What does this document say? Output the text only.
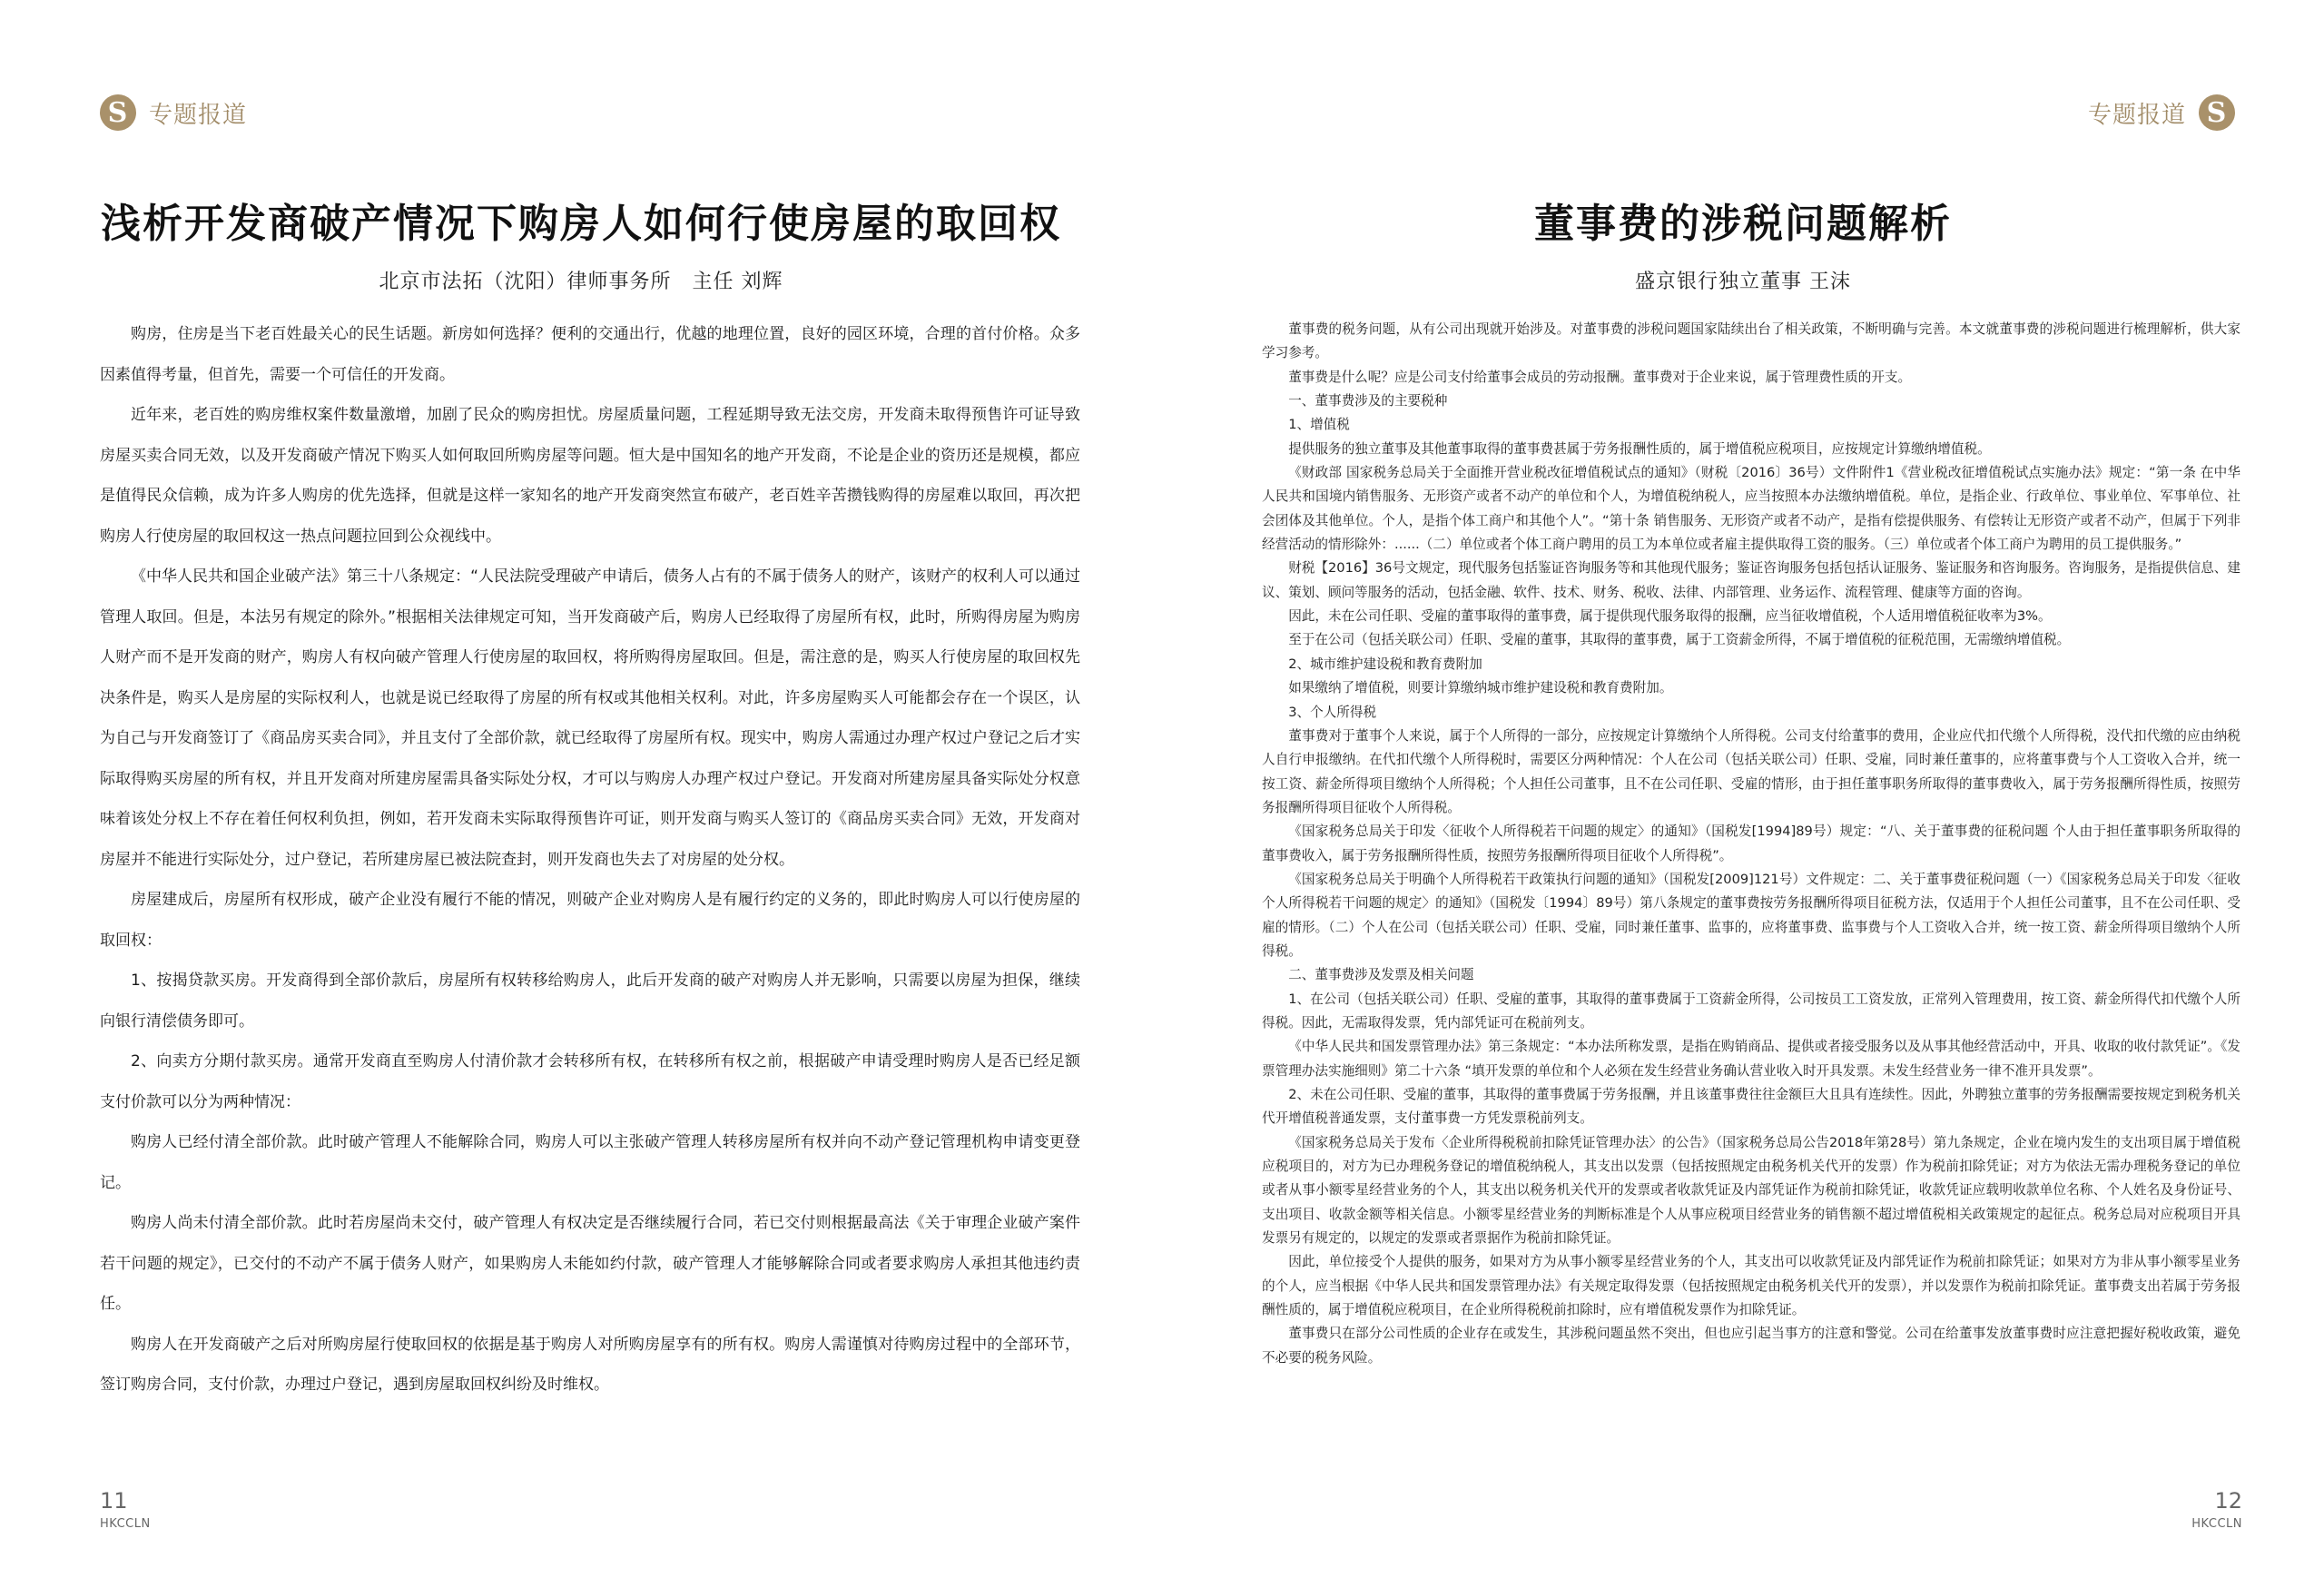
S 专题报道
浅析开发商破产情况下购房人如何行使房屋的取回权
北京市法拓（沈阳）律师事务所　主任 刘辉

购房，住房是当下老百姓最关心的民生话题。新房如何选择？便利的交通出行，优越的地理位置，良好的园区环境，合理的首付价格。众多因素值得考量，但首先，需要一个可信任的开发商。

近年来，老百姓的购房维权案件数量激增，加剧了民众的购房担忧。房屋质量问题，工程延期导致无法交房，开发商未取得预售许可证导致房屋买卖合同无效，以及开发商破产情况下购买人如何取回所购房屋等问题。恒大是中国知名的地产开发商，不论是企业的资历还是规模，都应是值得民众信赖，成为许多人购房的优先选择，但就是这样一家知名的地产开发商突然宣布破产，老百姓辛苦攒钱购得的房屋难以取回，再次把购房人行使房屋的取回权这一热点问题拉回到公众视线中。

《中华人民共和国企业破产法》第三十八条规定：“人民法院受理破产申请后，债务人占有的不属于债务人的财产，该财产的权利人可以通过管理人取回。但是，本法另有规定的除外。”根据相关法律规定可知，当开发商破产后，购房人已经取得了房屋所有权，此时，所购得房屋为购房人财产而不是开发商的财产，购房人有权向破产管理人行使房屋的取回权，将所购得房屋取回。但是，需注意的是，购买人行使房屋的取回权先决条件是，购买人是房屋的实际权利人，也就是说已经取得了房屋的所有权或其他相关权利。对此，许多房屋购买人可能都会存在一个误区，认为自己与开发商签订了《商品房买卖合同》，并且支付了全部价款，就已经取得了房屋所有权。现实中，购房人需通过办理产权过户登记之后才实际取得购买房屋的所有权，并且开发商对所建房屋需具备实际处分权，才可以与购房人办理产权过户登记。开发商对所建房屋具备实际处分权意味着该处分权上不存在着任何权利负担，例如，若开发商未实际取得预售许可证，则开发商与购买人签订的《商品房买卖合同》无效，开发商对房屋并不能进行实际处分，过户登记，若所建房屋已被法院查封，则开发商也失去了对房屋的处分权。

房屋建成后，房屋所有权形成，破产企业没有履行不能的情况，则破产企业对购房人是有履行约定的义务的，即此时购房人可以行使房屋的取回权：

1、按揭贷款买房。开发商得到全部价款后，房屋所有权转移给购房人，此后开发商的破产对购房人并无影响，只需要以房屋为担保，继续向银行清偿债务即可。

2、向卖方分期付款买房。通常开发商直至购房人付清价款才会转移所有权，在转移所有权之前，根据破产申请受理时购房人是否已经足额支付价款可以分为两种情况：

购房人已经付清全部价款。此时破产管理人不能解除合同，购房人可以主张破产管理人转移房屋所有权并向不动产登记管理机构申请变更登记。

购房人尚未付清全部价款。此时若房屋尚未交付，破产管理人有权决定是否继续履行合同，若已交付则根据最高法《关于审理企业破产案件若干问题的规定》，已交付的不动产不属于债务人财产，如果购房人未能如约付款，破产管理人才能够解除合同或者要求购房人承担其他违约责任。

购房人在开发商破产之后对所购房屋行使取回权的依据是基于购房人对所购房屋享有的所有权。购房人需谨慎对待购房过程中的全部环节，签订购房合同，支付价款，办理过户登记，遇到房屋取回权纠纷及时维权。

11
HKCCLN
专题报道 S
董事费的涉税问题解析
盛京银行独立董事 王沫

董事费的税务问题，从有公司出现就开始涉及。对董事费的涉税问题国家陆续出台了相关政策，不断明确与完善。本文就董事费的涉税问题进行梳理解析，供大家学习参考。

董事费是什么呢？应是公司支付给董事会成员的劳动报酬。董事费对于企业来说，属于管理费性质的开支。

一、董事费涉及的主要税种

1、增值税

提供服务的独立董事及其他董事取得的董事费甚属于劳务报酬性质的，属于增值税应税项目，应按规定计算缴纳增值税。

《财政部 国家税务总局关于全面推开营业税改征增值税试点的通知》（财税〔2016〕36号）文件附件1《营业税改征增值税试点实施办法》规定：“第一条 在中华人民共和国境内销售服务、无形资产或者不动产的单位和个人，为增值税纳税人，应当按照本办法缴纳增值税。单位，是指企业、行政单位、事业单位、军事单位、社会团体及其他单位。个人，是指个体工商户和其他个人”。“第十条 销售服务、无形资产或者不动产，是指有偿提供服务、有偿转让无形资产或者不动产，但属于下列非经营活动的情形除外：......（二）单位或者个体工商户聘用的员工为本单位或者雇主提供取得工资的服务。（三）单位或者个体工商户为聘用的员工提供服务。”

财税【2016】36号文规定，现代服务包括鉴证咨询服务等和其他现代服务；鉴证咨询服务包括包括认证服务、鉴证服务和咨询服务。咨询服务，是指提供信息、建议、策划、顾问等服务的活动，包括金融、软件、技术、财务、税收、法律、内部管理、业务运作、流程管理、健康等方面的咨询。

因此，未在公司任职、受雇的董事取得的董事费，属于提供现代服务取得的报酬，应当征收增值税，个人适用增值税征收率为3%。

至于在公司（包括关联公司）任职、受雇的董事，其取得的董事费，属于工资薪金所得，不属于增值税的征税范围，无需缴纳增值税。

2、城市维护建设税和教育费附加

如果缴纳了增值税，则要计算缴纳城市维护建设税和教育费附加。

3、个人所得税

董事费对于董事个人来说，属于个人所得的一部分，应按规定计算缴纳个人所得税。公司支付给董事的费用，企业应代扣代缴个人所得税，没代扣代缴的应由纳税人自行申报缴纳。在代扣代缴个人所得税时，需要区分两种情况：个人在公司（包括关联公司）任职、受雇，同时兼任董事的，应将董事费与个人工资收入合并，统一按工资、薪金所得项目缴纳个人所得税；个人担任公司董事，且不在公司任职、受雇的情形，由于担任董事职务所取得的董事费收入，属于劳务报酬所得性质，按照劳务报酬所得项目征收个人所得税。

《国家税务总局关于印发〈征收个人所得税若干问题的规定〉的通知》（国税发[1994]89号）规定：“八、关于董事费的征税问题 个人由于担任董事职务所取得的董事费收入，属于劳务报酬所得性质，按照劳务报酬所得项目征收个人所得税”。

《国家税务总局关于明确个人所得税若干政策执行问题的通知》（国税发[2009]121号）文件规定：二、关于董事费征税问题（一）《国家税务总局关于印发〈征收个人所得税若干问题的规定〉的通知》（国税发〔1994〕89号）第八条规定的董事费按劳务报酬所得项目征税方法，仅适用于个人担任公司董事，且不在公司任职、受雇的情形。（二）个人在公司（包括关联公司）任职、受雇，同时兼任董事、监事的，应将董事费、监事费与个人工资收入合并，统一按工资、薪金所得项目缴纳个人所得税。

二、董事费涉及发票及相关问题

1、在公司（包括关联公司）任职、受雇的董事，其取得的董事费属于工资薪金所得，公司按员工工资发放，正常列入管理费用，按工资、薪金所得代扣代缴个人所得税。因此，无需取得发票，凭内部凭证可在税前列支。

《中华人民共和国发票管理办法》第三条规定：“本办法所称发票，是指在购销商品、提供或者接受服务以及从事其他经营活动中，开具、收取的收付款凭证”。《发票管理办法实施细则》第二十六条 “填开发票的单位和个人必须在发生经营业务确认营业收入时开具发票。未发生经营业务一律不准开具发票”。

2、未在公司任职、受雇的董事，其取得的董事费属于劳务报酬，并且该董事费往往金额巨大且具有连续性。因此，外聘独立董事的劳务报酬需要按规定到税务机关代开增值税普通发票，支付董事费一方凭发票税前列支。

《国家税务总局关于发布〈企业所得税税前扣除凭证管理办法〉的公告》（国家税务总局公告2018年第28号）第九条规定，企业在境内发生的支出项目属于增值税应税项目的，对方为已办理税务登记的增值税纳税人，其支出以发票（包括按照规定由税务机关代开的发票）作为税前扣除凭证；对方为依法无需办理税务登记的单位或者从事小额零星经营业务的个人，其支出以税务机关代开的发票或者收款凭证及内部凭证作为税前扣除凭证，收款凭证应载明收款单位名称、个人姓名及身份证号、支出项目、收款金额等相关信息。小额零星经营业务的判断标准是个人从事应税项目经营业务的销售额不超过增值税相关政策规定的起征点。税务总局对应税项目开具发票另有规定的，以规定的发票或者票据作为税前扣除凭证。

因此，单位接受个人提供的服务，如果对方为从事小额零星经营业务的个人，其支出可以收款凭证及内部凭证作为税前扣除凭证；如果对方为非从事小额零星业务的个人，应当根据《中华人民共和国发票管理办法》有关规定取得发票（包括按照规定由税务机关代开的发票），并以发票作为税前扣除凭证。董事费支出若属于劳务报酬性质的，属于增值税应税项目，在企业所得税税前扣除时，应有增值税发票作为扣除凭证。

董事费只在部分公司性质的企业存在或发生，其涉税问题虽然不突出，但也应引起当事方的注意和警觉。公司在给董事发放董事费时应注意把握好税收政策，避免不必要的税务风险。

12
HKCCLN
